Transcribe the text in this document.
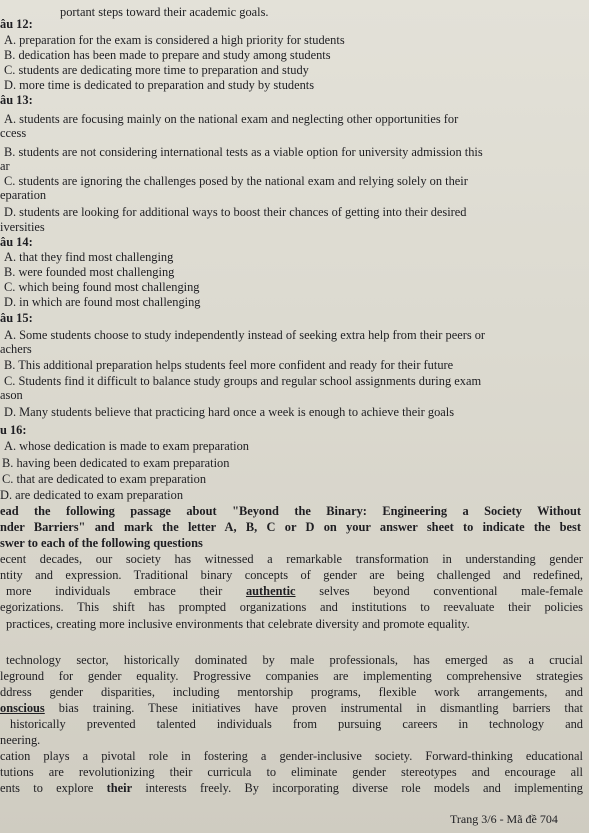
portant steps toward their academic goals.
âu 12:
A. preparation for the exam is considered a high priority for students
B. dedication has been made to prepare and study among students
C. students are dedicating more time to preparation and study
D. more time is dedicated to preparation and study by students
âu 13:
A. students are focusing mainly on the national exam and neglecting other opportunities for
ccess
B. students are not considering international tests as a viable option for university admission this
ar
C. students are ignoring the challenges posed by the national exam and relying solely on their
eparation
D. students are looking for additional ways to boost their chances of getting into their desired
iversities
âu 14:
A. that they find most challenging
B. were founded most challenging
C. which being found most challenging
D. in which are found most challenging
âu 15:
A. Some students choose to study independently instead of seeking extra help from their peers or
achers
B. This additional preparation helps students feel more confident and ready for their future
C. Students find it difficult to balance study groups and regular school assignments during exam
ason
D. Many students believe that practicing hard once a week is enough to achieve their goals
u 16:
A. whose dedication is made to exam preparation
B. having been dedicated to exam preparation
C. that are dedicated to exam preparation
D. are dedicated to exam preparation
ead the following passage about "Beyond the Binary: Engineering a Society Without
nder Barriers" and mark the letter A, B, C or D on your answer sheet to indicate the best
swer to each of the following questions
ecent decades, our society has witnessed a remarkable transformation in understanding gender
ntity and expression. Traditional binary concepts of gender are being challenged and redefined,
more individuals embrace their authentic selves beyond conventional male-female
egorizations. This shift has prompted organizations and institutions to reevaluate their policies
practices, creating more inclusive environments that celebrate diversity and promote equality.
technology sector, historically dominated by male professionals, has emerged as a crucial
leground for gender equality. Progressive companies are implementing comprehensive strategies
ddress gender disparities, including mentorship programs, flexible work arrangements, and
onscious bias training. These initiatives have proven instrumental in dismantling barriers that
historically prevented talented individuals from pursuing careers in technology and
neering.
cation plays a pivotal role in fostering a gender-inclusive society. Forward-thinking educational
tutions are revolutionizing their curricula to eliminate gender stereotypes and encourage all
ents to explore their interests freely. By incorporating diverse role models and implementing
Trang 3/6 - Mã đề 704
